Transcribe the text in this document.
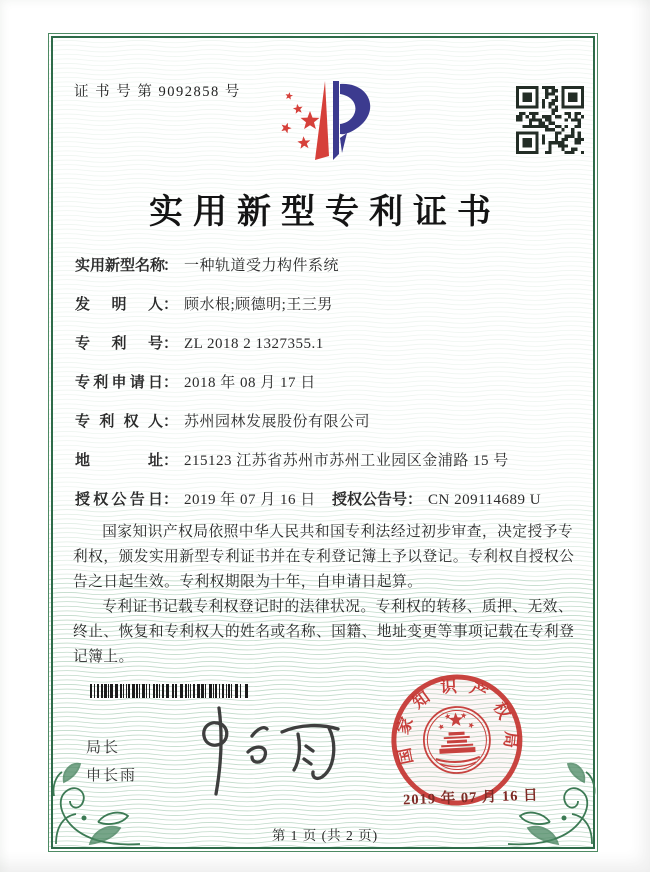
证 书 号 第 9092858 号
实用新型专利证书
实用新型名称： 一种轨道受力构件系统
发明人： 顾水根;顾德明;王三男
专利号： ZL 2018 2 1327355.1
专利申请日： 2018 年 08 月 17 日
专利权人： 苏州园林发展股份有限公司
地址： 215123 江苏省苏州市苏州工业园区金浦路 15 号
授权公告日： 2019 年 07 月 16 日 授权公告号： CN 209114689 U

国家知识产权局依照中华人民共和国专利法经过初步审查，决定授予专利权，颁发实用新型专利证书并在专利登记簿上予以登记。专利权自授权公告之日起生效。专利权期限为十年，自申请日起算。

专利证书记载专利权登记时的法律状况。专利权的转移、质押、无效、终止、恢复和专利权人的姓名或名称、国籍、地址变更等事项记载在专利登记簿上。

国家知识产权局
2019 年 07 月 16 日
局长
申长雨
第 1 页 (共 2 页)
